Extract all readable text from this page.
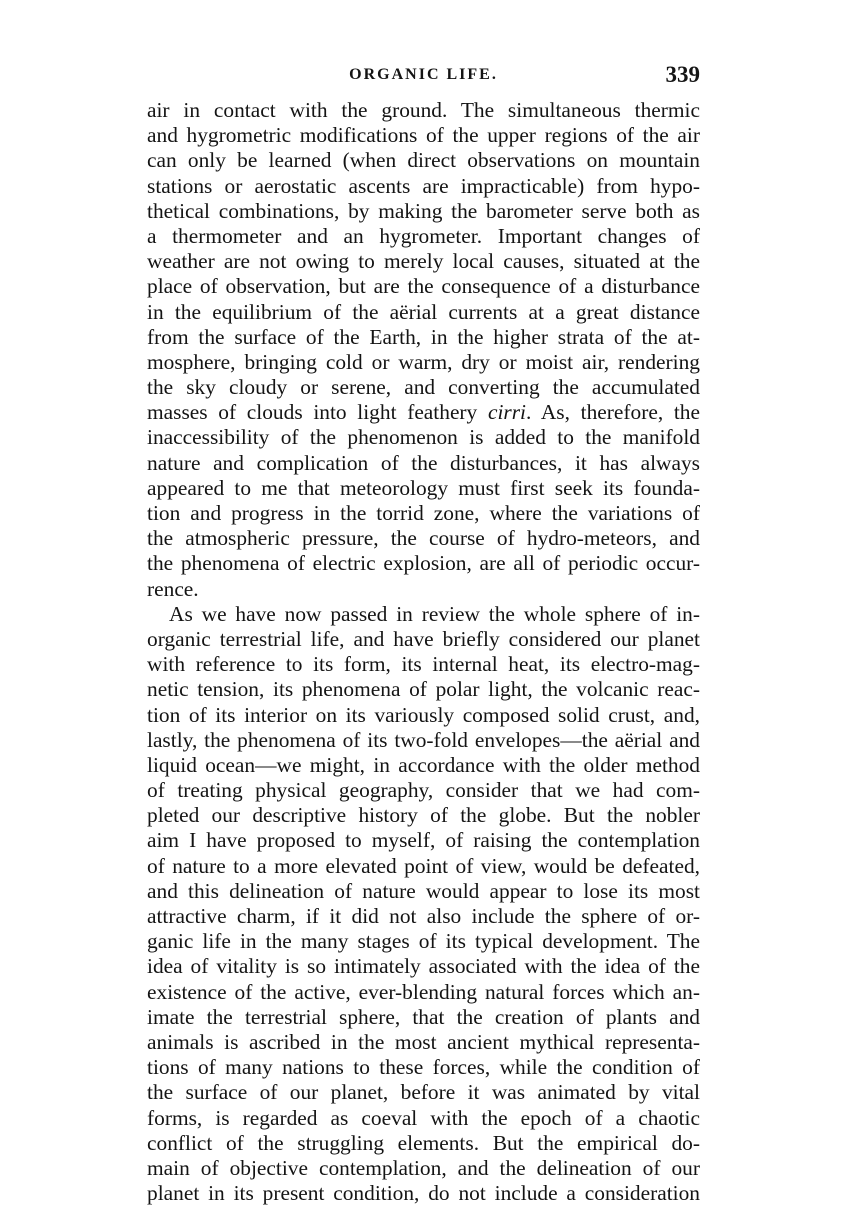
ORGANIC LIFE.	339
air in contact with the ground. The simultaneous thermic
and hygrometric modifications of the upper regions of the air
can only be learned (when direct observations on mountain
stations or aerostatic ascents are impracticable) from hypo-
thetical combinations, by making the barometer serve both as
a thermometer and an hygrometer. Important changes of
weather are not owing to merely local causes, situated at the
place of observation, but are the consequence of a disturbance
in the equilibrium of the aërial currents at a great distance
from the surface of the Earth, in the higher strata of the at-
mosphere, bringing cold or warm, dry or moist air, rendering
the sky cloudy or serene, and converting the accumulated
masses of clouds into light feathery cirri. As, therefore, the
inaccessibility of the phenomenon is added to the manifold
nature and complication of the disturbances, it has always
appeared to me that meteorology must first seek its founda-
tion and progress in the torrid zone, where the variations of
the atmospheric pressure, the course of hydro-meteors, and
the phenomena of electric explosion, are all of periodic occur-
rence.
As we have now passed in review the whole sphere of in-
organic terrestrial life, and have briefly considered our planet
with reference to its form, its internal heat, its electro-mag-
netic tension, its phenomena of polar light, the volcanic reac-
tion of its interior on its variously composed solid crust, and,
lastly, the phenomena of its two-fold envelopes—the aërial and
liquid ocean—we might, in accordance with the older method
of treating physical geography, consider that we had com-
pleted our descriptive history of the globe. But the nobler
aim I have proposed to myself, of raising the contemplation
of nature to a more elevated point of view, would be defeated,
and this delineation of nature would appear to lose its most
attractive charm, if it did not also include the sphere of or-
ganic life in the many stages of its typical development. The
idea of vitality is so intimately associated with the idea of the
existence of the active, ever-blending natural forces which an-
imate the terrestrial sphere, that the creation of plants and
animals is ascribed in the most ancient mythical representa-
tions of many nations to these forces, while the condition of
the surface of our planet, before it was animated by vital
forms, is regarded as coeval with the epoch of a chaotic
conflict of the struggling elements. But the empirical do-
main of objective contemplation, and the delineation of our
planet in its present condition, do not include a consideration
